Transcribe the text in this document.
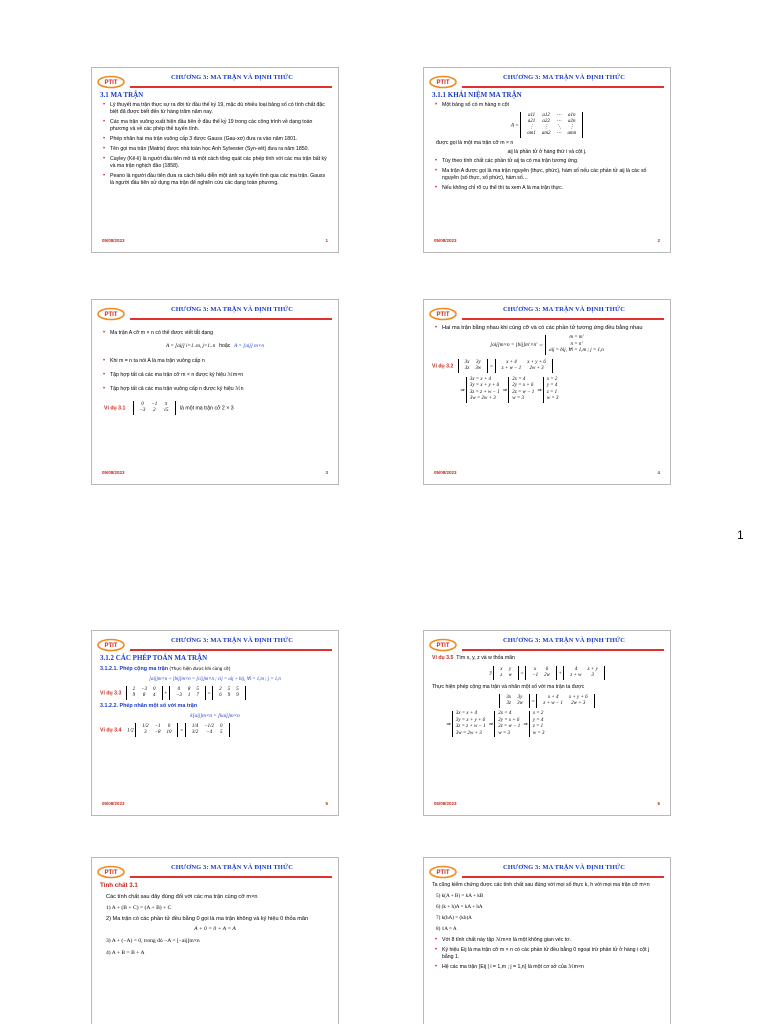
PTIT
CHƯƠNG 3: MA TRẬN VÀ ĐỊNH THỨC
3.1 MA TRẬN
• Lý thuyết ma trận thực sự ra đời từ đầu thế kỷ 19, mặc dù nhiều loại bảng số có tính chất đặc biệt đã được biết đến từ hàng trăm năm nay.
• Các ma trận vuông xuất hiện đầu tiên ở đầu thế kỷ 19 trong các công trình về dạng toàn phương và về các phép thế tuyến tính.
• Phép nhân hai ma trận vuông cấp 3 được Gauss (Gau-xơ) đưa ra vào năm 1801.
• Tên gọi ma trận (Matrix) được nhà toán học Anh Sylvester (Syn-vét) đưa ra năm 1850.
• Cayley (Kê-li) là người đầu tiên mô tả một cách tổng quát các phép tính với các ma trận bất kỳ và ma trận nghịch đảo (1858).
• Peano là người đầu tiên đưa ra cách biểu diễn một ánh xạ tuyến tính qua các ma trận. Gauss là người đầu tiên sử dụng ma trận để nghiên cứu các dạng toàn phương.
05/08/2023	1
PTIT
CHƯƠNG 3: MA TRẬN VÀ ĐỊNH THỨC
3.1.1 KHÁI NIỆM MA TRẬN
• Một bảng số có m hàng n cột
A =
a11	a12	⋯	a1n
a21	a22	⋯	a2n
⋮	⋮	⋱	⋮
am1	am2	⋯	amn
được gọi là một ma trận cỡ m × n
aij là phần tử ở hàng thứ i và cột j.
• Tùy theo tính chất các phần tử aij ta có ma trận tương ứng.
• Ma trận A được gọi là ma trận nguyên (thực, phức), hàm số nếu các phần tử aij là các số nguyên (số thực, số phức), hàm số…
• Nếu không chỉ rõ cụ thể thì ta xem A là ma trận thực.
05/08/2023	2
PTIT
CHƯƠNG 3: MA TRẬN VÀ ĐỊNH THỨC
• Ma trận A cỡ m × n có thể được viết tắt dạng
A = [aij] i=1..m, j=1..n hoặc A = [aij] m×n
• Khi m = n ta nói A là ma trận vuông cấp n
• Tập hợp tất cả các ma trận cỡ m × n được ký hiệu ℳm×n
• Tập hợp tất cả các ma trận vuông cấp n được ký hiệu ℳn
Ví dụ 3.1
0	−1	π
−3	2	√5 là một ma trận cỡ 2 × 3
05/08/2023	3
PTIT
CHƯƠNG 3: MA TRẬN VÀ ĐỊNH THỨC
• Hai ma trận bằng nhau khi cùng cỡ và có các phần tử tương ứng đều bằng nhau
[aij]m×n = [bij]m'×n' ⇔
m = m'
n = n'
aij = bij, ∀i = 1,m ; j = 1,n
Ví dụ 3.2
3x	3y
3z	3w =
x + 4	x + y + 6
z + w − 1	2w + 3
⇒
3x = x + 4
3y = x + y + 6
3z = z + w − 1
3w = 2w + 3
⇒
2x = 4
2y = x + 6
2z = w − 1
w = 3
⇒
x = 2
y = 4
z = 1
w = 3
05/08/2023	4
1
PTIT
CHƯƠNG 3: MA TRẬN VÀ ĐỊNH THỨC
3.1.2 CÁC PHÉP TOÁN MA TRẬN
3.1.2.1. Phép cộng ma trận (Thực hiện được khi cùng cỡ)
[aij]m×n + [bij]m×n = [cij]m×n ; cij = aij + bij, ∀i = 1,m ; j = 1,n
Ví dụ 3.3
2	−3	0
9	8	4 +
0	8	5
−3	1	7 =
2	5	5
6	9	9
3.1.2.2. Phép nhân một số với ma trận
k[aij]m×n = [kaij]m×n
Ví dụ 3.4 1/2
1/2	−1	0
3	−8	10 =
1/4	−1/2	0
3/2	−4	5
05/08/2023	5
PTIT
CHƯƠNG 3: MA TRẬN VÀ ĐỊNH THỨC
Ví dụ 3.5 Tìm x, y, z và w thỏa mãn
3
x	y
z	w =
x	6
−1	2w +
4	x + y
z + w	3
Thực hiện phép cộng ma trận và nhân một số với ma trận ta được
3x	3y
3z	3w =
x + 4	x + y + 6
z + w − 1	2w + 3
⇒
3x = x + 4
3y = x + y + 6
3z = z + w − 1
3w = 2w + 3
⇒
2x = 4
2y = x + 6
2z = w − 1
w = 3
⇒
x = 2
y = 4
z = 1
w = 3
05/08/2023	6
PTIT
CHƯƠNG 3: MA TRẬN VÀ ĐỊNH THỨC
Tính chất 3.1
Các tính chất sau đây đúng đối với các ma trận cùng cỡ m×n
1) A + (B + C) = (A + B) + C
2) Ma trận có các phần tử đều bằng 0 gọi là ma trận không và ký hiệu 0 thỏa mãn
A + 0 = 0 + A = A
3) A + (−A) = 0, trong đó −A = [−aij]m×n
4) A + B = B + A
PTIT
CHƯƠNG 3: MA TRẬN VÀ ĐỊNH THỨC
Ta cũng kiểm chứng được các tính chất sau đúng với mọi số thực k, h với mọi ma trận cỡ m×n
5) k(A + B) = kA + kB
6) (k + h)A = kA + hA
7) k(hA) = (kh)A
8) 1A = A
• Với 8 tính chất này tập ℳm×n là một không gian véc tơ.
• Ký hiệu Eij là ma trận cỡ m × n có các phần tử đều bằng 0 ngoại trừ phần tử ở hàng i cột j bằng 1.
• Hệ các ma trận {Eij | i = 1,m ; j = 1,n} là một cơ sở của ℳm×n
